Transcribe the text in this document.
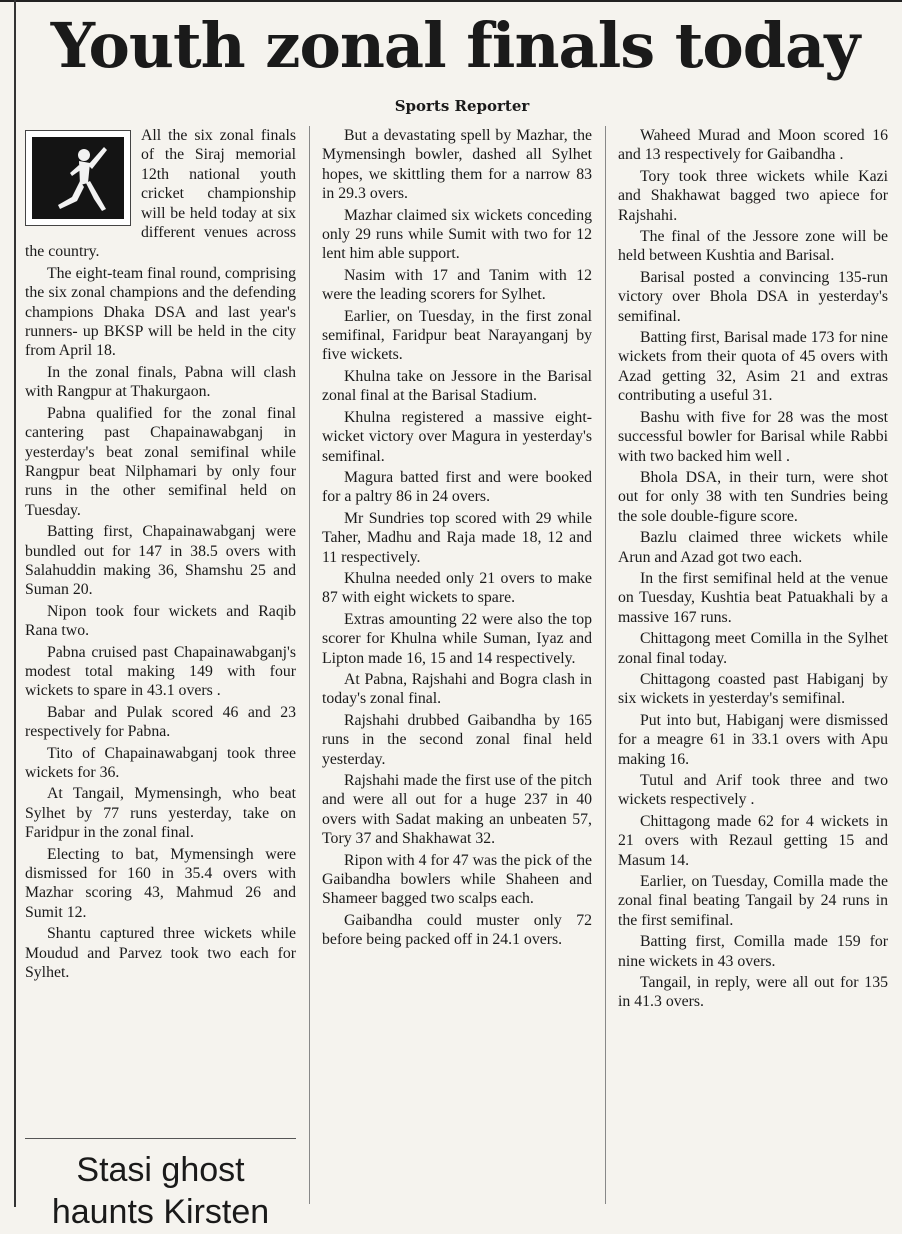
Youth zonal finals today
Sports Reporter

All the six zonal finals of the Siraj memorial 12th national youth cricket championship will be held today at six different venues across the country.

The eight-team final round, comprising the six zonal champions and the defending champions Dhaka DSA and last year's runners- up BKSP will be held in the city from April 18.

In the zonal finals, Pabna will clash with Rangpur at Thakurgaon.

Pabna qualified for the zonal final cantering past Chapainawabganj in yesterday's beat zonal semifinal while Rangpur beat Nilphamari by only four runs in the other semifinal held on Tuesday.

Batting first, Chapainawabganj were bundled out for 147 in 38.5 overs with Salahuddin making 36, Shamshu 25 and Suman 20.

Nipon took four wickets and Raqib Rana two.

Pabna cruised past Chapainawabganj's modest total making 149 with four wickets to spare in 43.1 overs .

Babar and Pulak scored 46 and 23 respectively for Pabna.

Tito of Chapainawabganj took three wickets for 36.

At Tangail, Mymensingh, who beat Sylhet by 77 runs yesterday, take on Faridpur in the zonal final.

Electing to bat, Mymensingh were dismissed for 160 in 35.4 overs with Mazhar scoring 43, Mahmud 26 and Sumit 12.

Shantu captured three wickets while Moudud and Parvez took two each for Sylhet.

But a devastating spell by Mazhar, the Mymensingh bowler, dashed all Sylhet hopes, we skittling them for a narrow 83 in 29.3 overs.

Mazhar claimed six wickets conceding only 29 runs while Sumit with two for 12 lent him able support.

Nasim with 17 and Tanim with 12 were the leading scorers for Sylhet.

Earlier, on Tuesday, in the first zonal semifinal, Faridpur beat Narayanganj by five wickets.

Khulna take on Jessore in the Barisal zonal final at the Barisal Stadium.

Khulna registered a massive eight- wicket victory over Magura in yesterday's semifinal.

Magura batted first and were booked for a paltry 86 in 24 overs.

Mr Sundries top scored with 29 while Taher, Madhu and Raja made 18, 12 and 11 respectively.

Khulna needed only 21 overs to make 87 with eight wickets to spare.

Extras amounting 22 were also the top scorer for Khulna while Suman, Iyaz and Lipton made 16, 15 and 14 respectively.

At Pabna, Rajshahi and Bogra clash in today's zonal final.

Rajshahi drubbed Gaibandha by 165 runs in the second zonal final held yesterday.

Rajshahi made the first use of the pitch and were all out for a huge 237 in 40 overs with Sadat making an unbeaten 57, Tory 37 and Shakhawat 32.

Ripon with 4 for 47 was the pick of the Gaibandha bowlers while Shaheen and Shameer bagged two scalps each.

Gaibandha could muster only 72 before being packed off in 24.1 overs.

Waheed Murad and Moon scored 16 and 13 respectively for Gaibandha .

Tory took three wickets while Kazi and Shakhawat bagged two apiece for Rajshahi.

The final of the Jessore zone will be held between Kushtia and Barisal.

Barisal posted a convincing 135-run victory over Bhola DSA in yesterday's semifinal.

Batting first, Barisal made 173 for nine wickets from their quota of 45 overs with Azad getting 32, Asim 21 and extras contributing a useful 31.

Bashu with five for 28 was the most successful bowler for Barisal while Rabbi with two backed him well .

Bhola DSA, in their turn, were shot out for only 38 with ten Sundries being the sole double-figure score.

Bazlu claimed three wickets while Arun and Azad got two each.

In the first semifinal held at the venue on Tuesday, Kushtia beat Patuakhali by a massive 167 runs.

Chittagong meet Comilla in the Sylhet zonal final today.

Chittagong coasted past Habiganj by six wickets in yesterday's semifinal.

Put into but, Habiganj were dismissed for a meagre 61 in 33.1 overs with Apu making 16.

Tutul and Arif took three and two wickets respectively .

Chittagong made 62 for 4 wickets in 21 overs with Rezaul getting 15 and Masum 14.

Earlier, on Tuesday, Comilla made the zonal final beating Tangail by 24 runs in the first semifinal.

Batting first, Comilla made 159 for nine wickets in 43 overs.

Tangail, in reply, were all out for 135 in 41.3 overs.

Stasi ghost
haunts Kirsten
